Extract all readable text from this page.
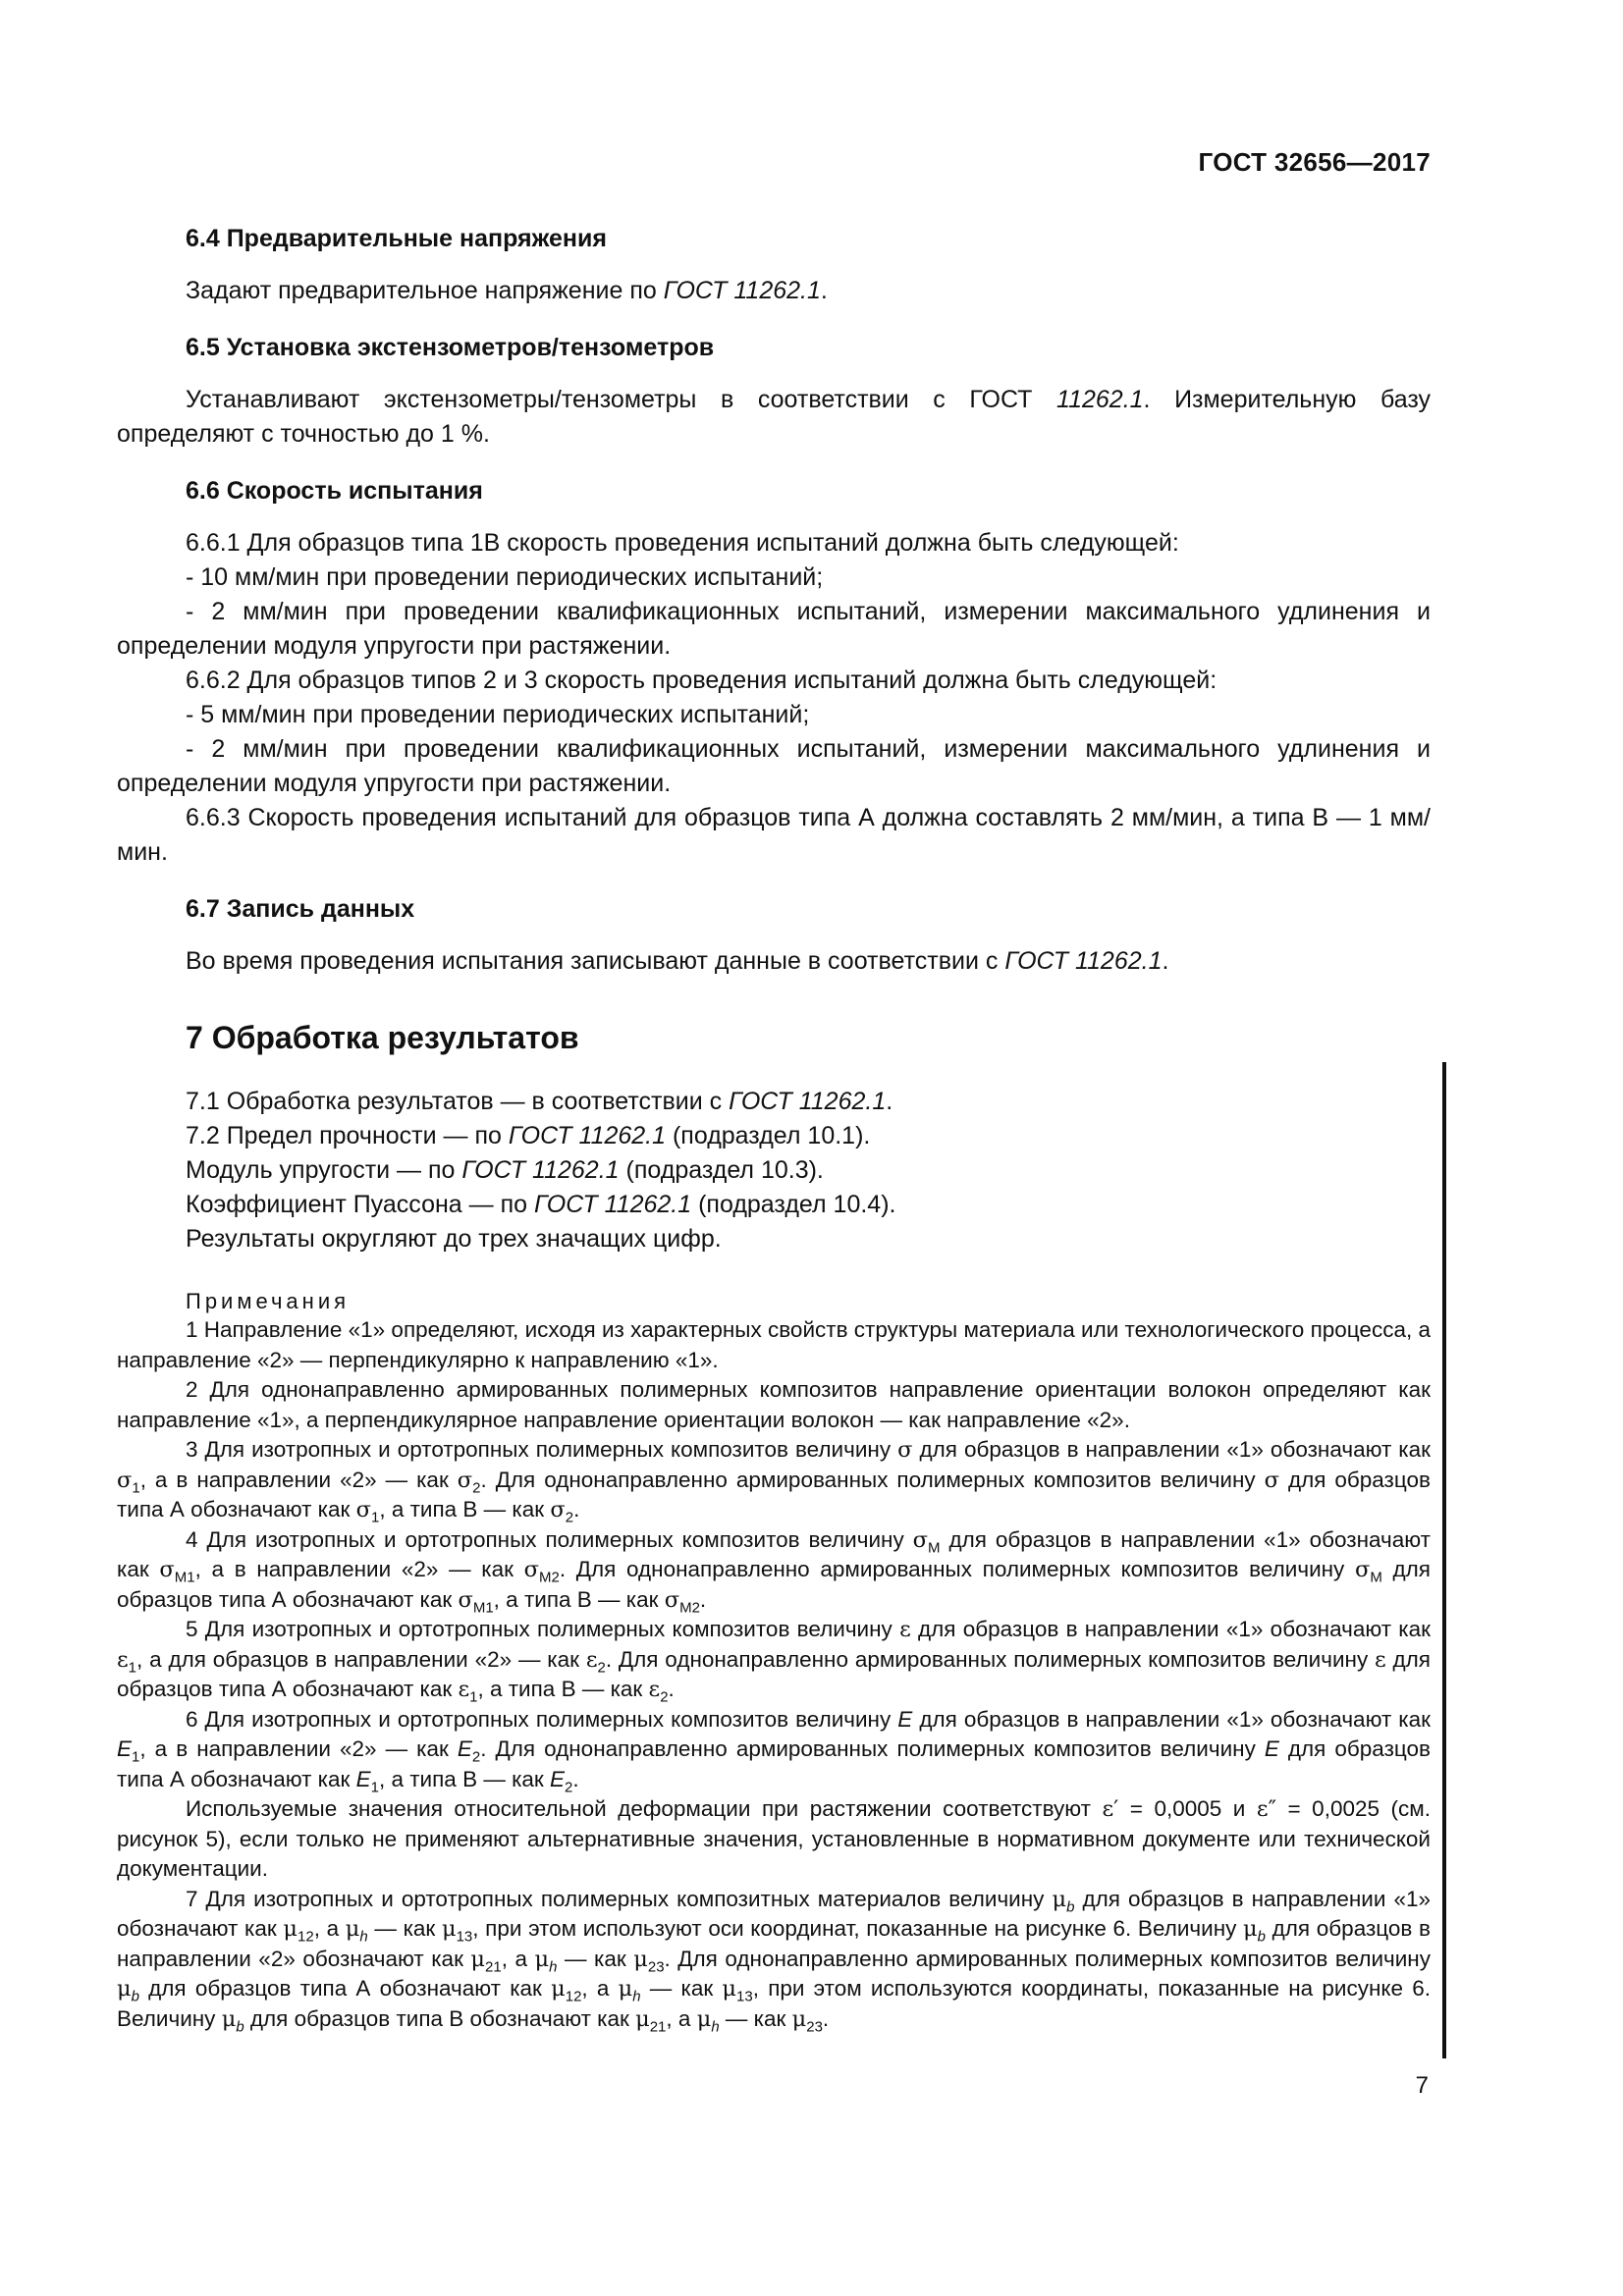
ГОСТ 32656—2017
6.4 Предварительные напряжения

Задают предварительное напряжение по ГОСТ 11262.1.

6.5 Установка экстензометров/тензометров

Устанавливают экстензометры/тензометры в соответствии с ГОСТ 11262.1. Измерительную базу определяют с точностью до 1 %.

6.6 Скорость испытания

6.6.1 Для образцов типа 1В скорость проведения испытаний должна быть следующей:

- 10 мм/мин при проведении периодических испытаний;

- 2 мм/мин при проведении квалификационных испытаний, измерении максимального удлинения и определении модуля упругости при растяжении.

6.6.2 Для образцов типов 2 и 3 скорость проведения испытаний должна быть следующей:

- 5 мм/мин при проведении периодических испытаний;

- 2 мм/мин при проведении квалификационных испытаний, измерении максимального удлинения и определении модуля упругости при растяжении.

6.6.3 Скорость проведения испытаний для образцов типа А должна составлять 2 мм/мин, а типа В — 1 мм/мин.

6.7 Запись данных

Во время проведения испытания записывают данные в соответствии с ГОСТ 11262.1.

7 Обработка результатов

7.1 Обработка результатов — в соответствии с ГОСТ 11262.1.

7.2 Предел прочности — по ГОСТ 11262.1 (подраздел 10.1).

Модуль упругости — по ГОСТ 11262.1 (подраздел 10.3).

Коэффициент Пуассона — по ГОСТ 11262.1 (подраздел 10.4).

Результаты округляют до трех значащих цифр.

Примечания

1 Направление «1» определяют, исходя из характерных свойств структуры материала или технологического процесса, а направление «2» — перпендикулярно к направлению «1».

2 Для однонаправленно армированных полимерных композитов направление ориентации волокон определяют как направление «1», а перпендикулярное направление ориентации волокон — как направление «2».

3 Для изотропных и ортотропных полимерных композитов величину σ для образцов в направлении «1» обозначают как $\sigma_1$, а в направлении «2» — как $\sigma_2$. Для однонаправленно армированных полимерных композитов величину σ для образцов типа А обозначают как $\sigma_1$, а типа В — как $\sigma_2$.

4 Для изотропных и ортотропных полимерных композитов величину $\sigma_M$ для образцов в направлении «1» обозначают как $\sigma_{M1}$, а в направлении «2» — как $\sigma_{M2}$. Для однонаправленно армированных полимерных композитов величину $\sigma_M$ для образцов типа А обозначают как $\sigma_{M1}$, а типа В — как $\sigma_{M2}$.

5 Для изотропных и ортотропных полимерных композитов величину ε для образцов в направлении «1» обозначают как $\varepsilon_1$, а для образцов в направлении «2» — как $\varepsilon_2$. Для однонаправленно армированных полимерных композитов величину ε для образцов типа А обозначают как $\varepsilon_1$, а типа В — как $\varepsilon_2$.

6 Для изотропных и ортотропных полимерных композитов величину E для образцов в направлении «1» обозначают как $E_1$, а в направлении «2» — как $E_2$. Для однонаправленно армированных полимерных композитов величину E для образцов типа А обозначают как $E_1$, а типа В — как $E_2$.

Используемые значения относительной деформации при растяжении соответствуют ε′ = 0,0005 и ε″ = 0,0025 (см. рисунок 5), если только не применяют альтернативные значения, установленные в нормативном документе или технической документации.

7 Для изотропных и ортотропных полимерных композитных материалов величину $\mu_b$ для образцов в направлении «1» обозначают как $\mu_{12}$, а $\mu_h$ — как $\mu_{13}$, при этом используют оси координат, показанные на рисунке 6. Величину $\mu_b$ для образцов в направлении «2» обозначают как $\mu_{21}$, а $\mu_h$ — как $\mu_{23}$. Для однонаправленно армированных полимерных композитов величину $\mu_b$ для образцов типа А обозначают как $\mu_{12}$, а $\mu_h$ — как $\mu_{13}$, при этом используются координаты, показанные на рисунке 6. Величину $\mu_b$ для образцов типа В обозначают как $\mu_{21}$, а $\mu_h$ — как $\mu_{23}$.

7
